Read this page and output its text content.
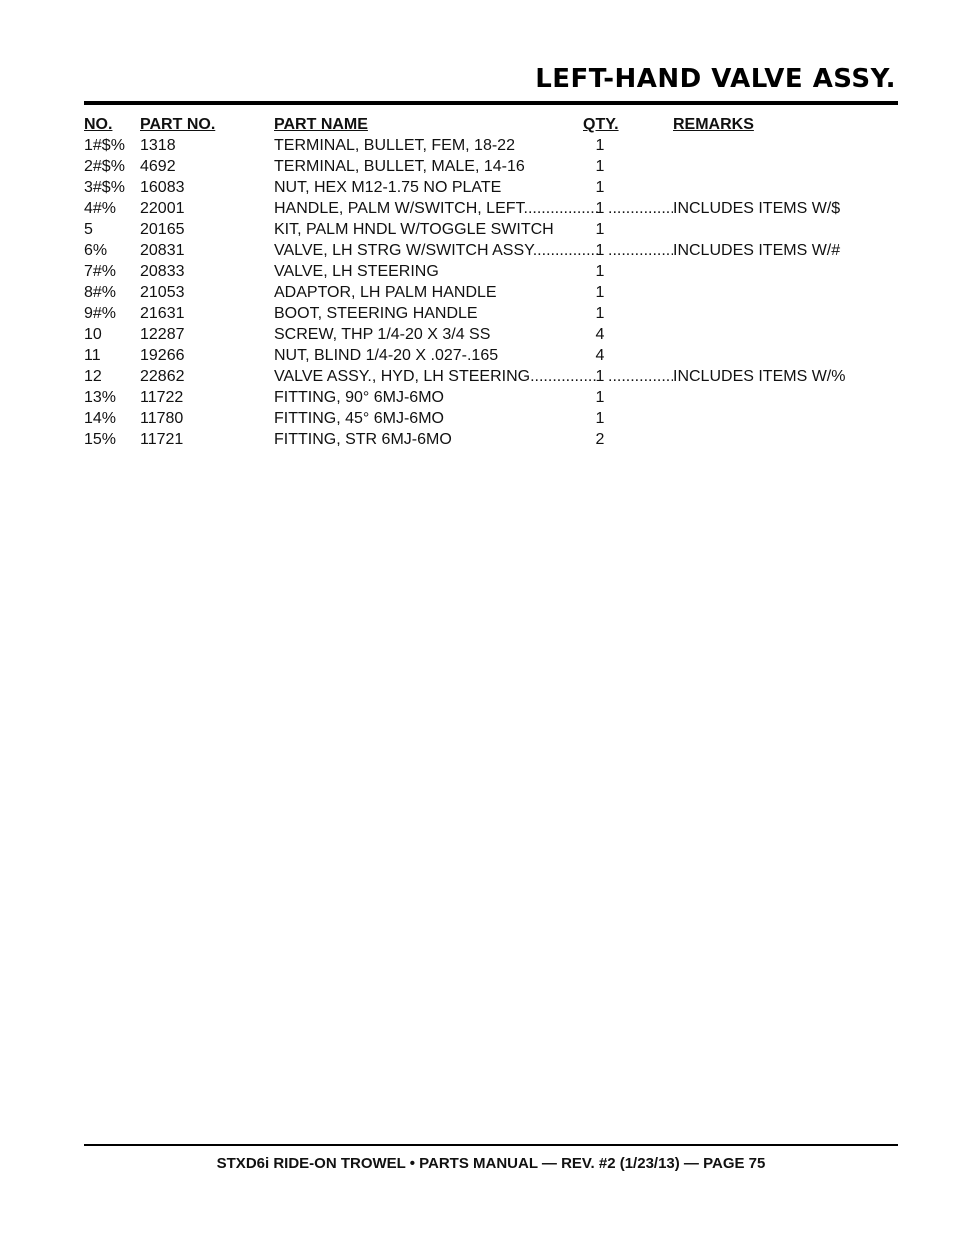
LEFT-HAND VALVE ASSY.
NO. PART NO.	PART NAME	QTY.	REMARKS
1#$% 1318	TERMINAL, BULLET, FEM, 18-22	1
2#$% 4692	TERMINAL, BULLET, MALE, 14-16	1
3#$% 16083	NUT, HEX M12-1.75 NO PLATE	1
4#% 22001	HANDLE, PALM W/SWITCH, LEFT .....	1 .....	INCLUDES ITEMS W/$
5	20165	KIT, PALM HNDL W/TOGGLE SWITCH	1
6% 20831	VALVE, LH STRG W/SWITCH ASSY. .....	1 .....	INCLUDES ITEMS W/#
7#% 20833	VALVE, LH STEERING	1
8#% 21053	ADAPTOR, LH PALM HANDLE	1
9#% 21631	BOOT, STEERING HANDLE	1
10 12287	SCREW, THP 1/4-20 X 3/4 SS	4
11 19266	NUT, BLIND 1/4-20 X .027-.165	4
12 22862	VALVE ASSY., HYD, LH STEERING .....	1 .....	INCLUDES ITEMS W/%
13% 11722	FITTING, 90° 6MJ-6MO	1
14% 11780	FITTING, 45° 6MJ-6MO	1
15% 11721	FITTING, STR 6MJ-6MO	2
STXD6i RIDE-ON TROWEL • PARTS MANUAL — REV. #2 (1/23/13) — PAGE 75
